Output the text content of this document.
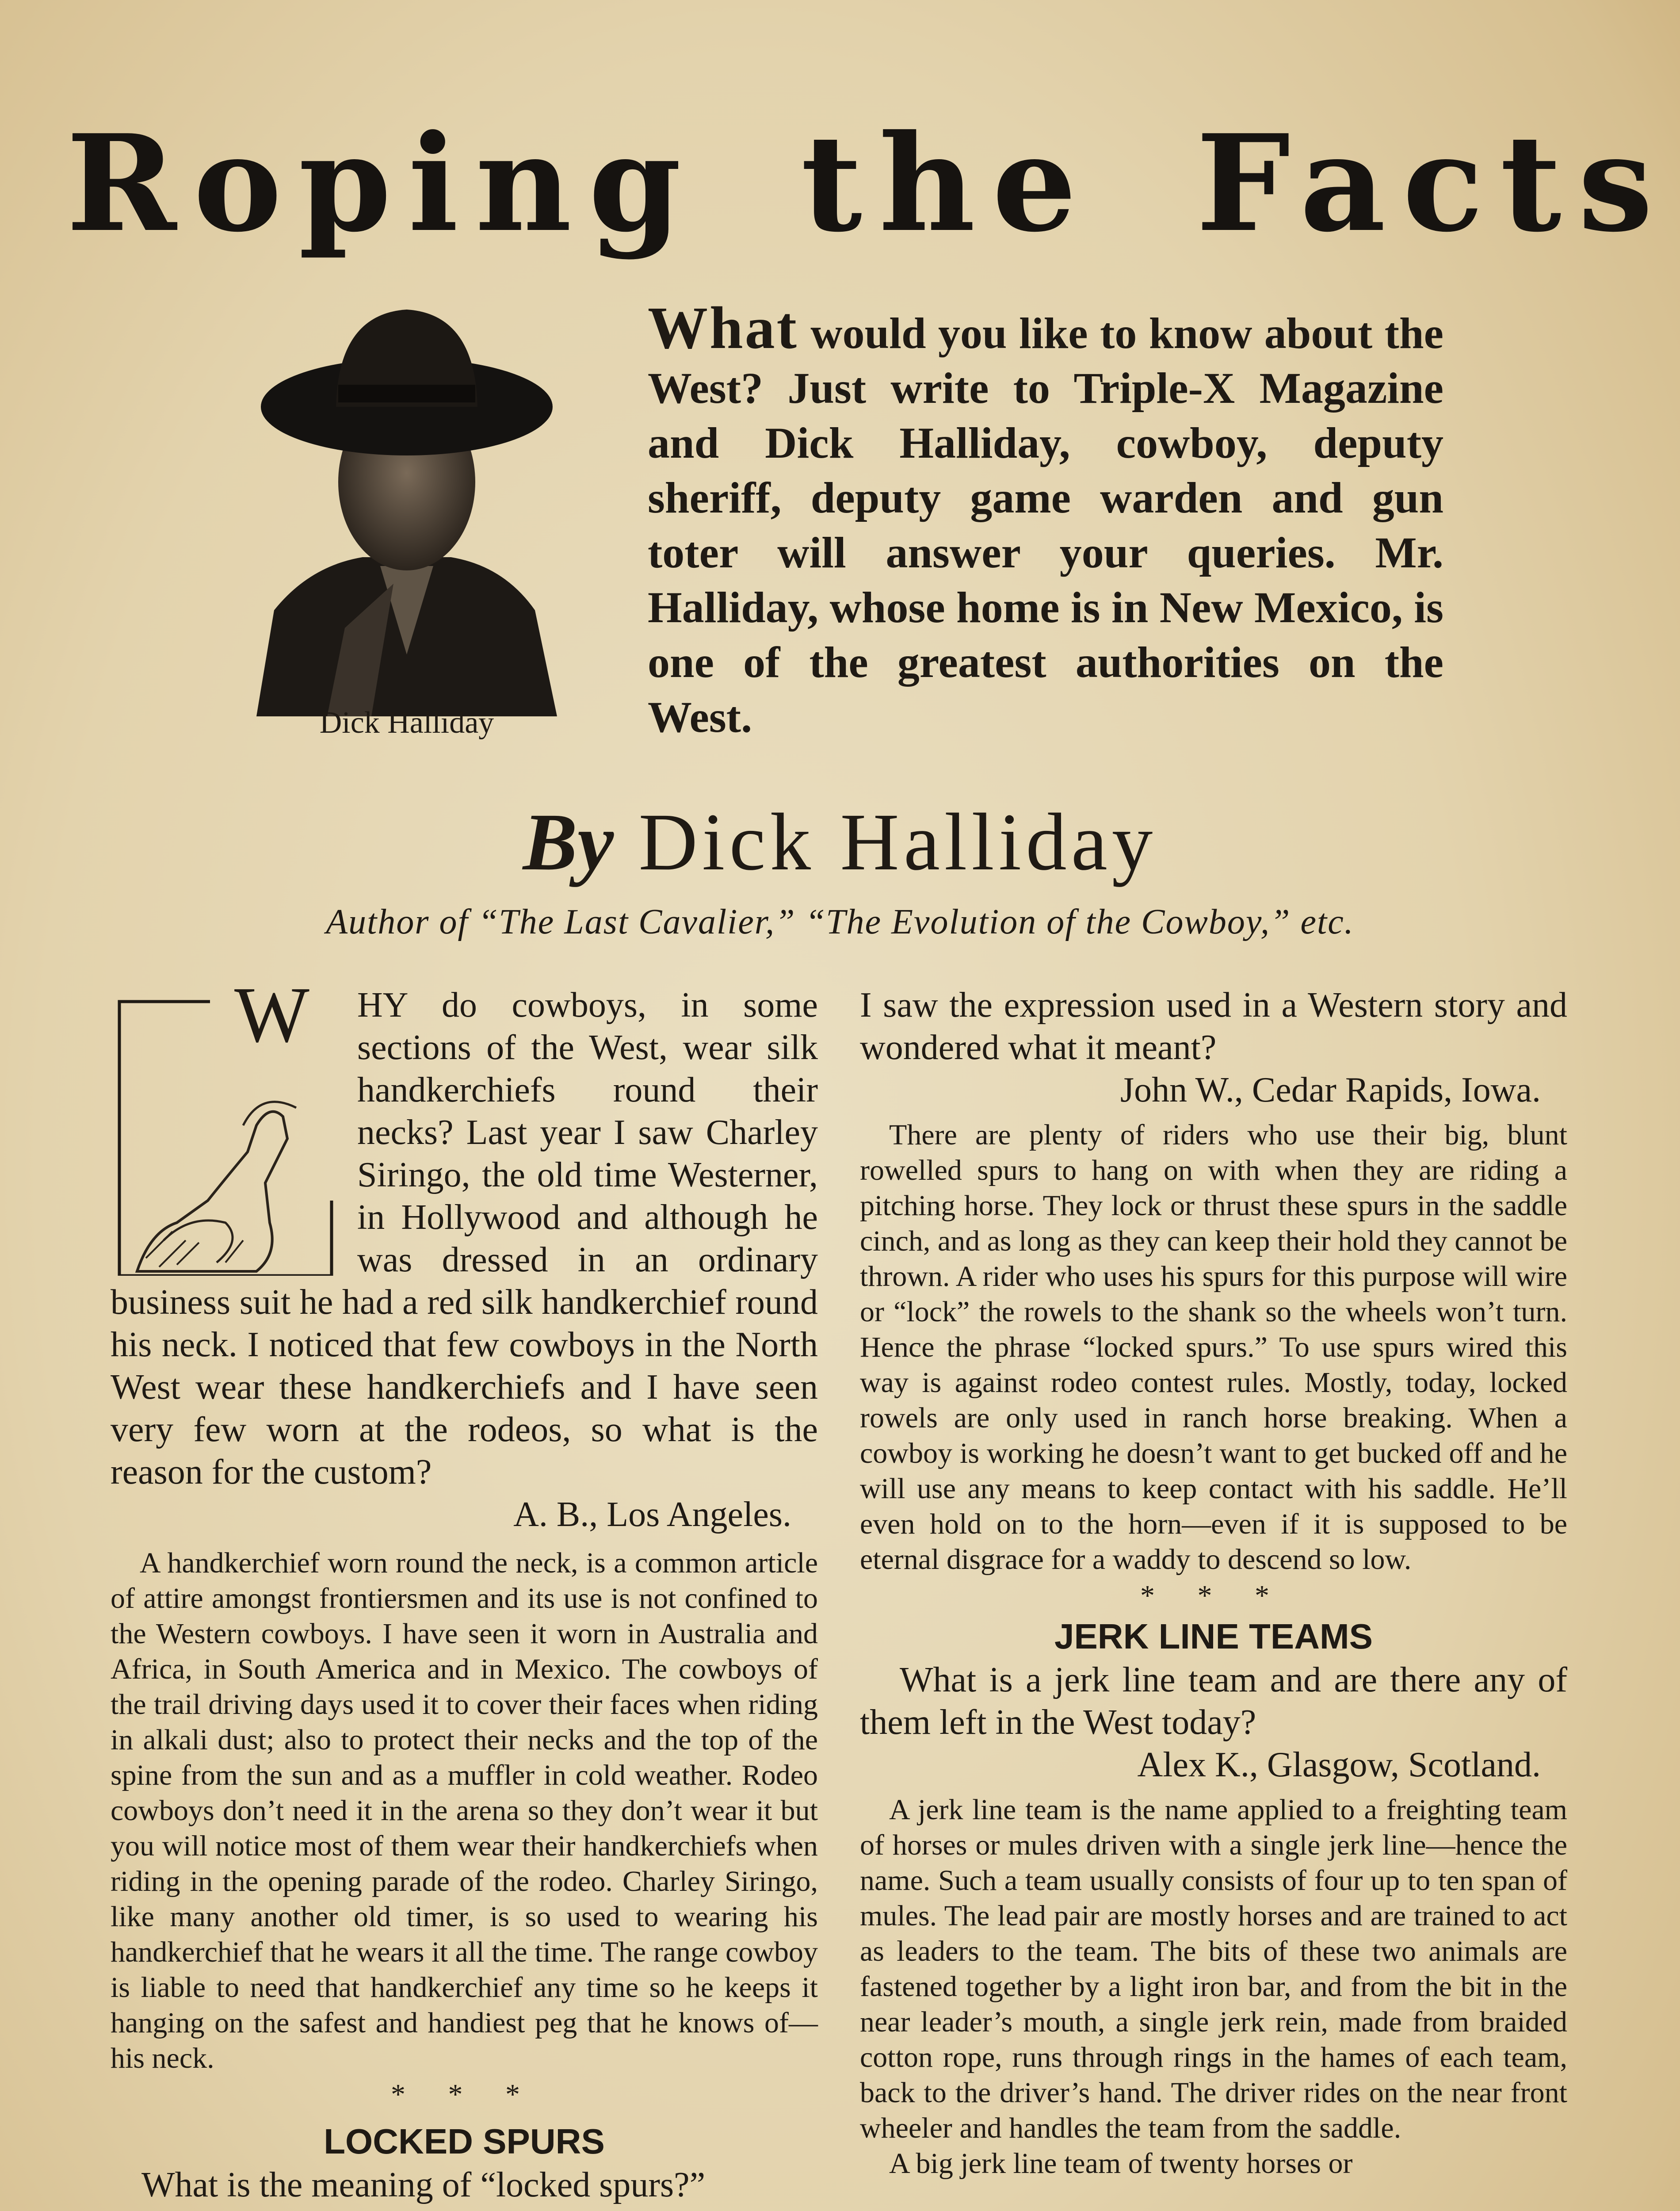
Roping the Facts
Dick Halliday

What would you like to know about the West? Just write to Triple-X Magazine and Dick Halliday, cowboy, deputy sheriff, deputy game warden and gun toter will answer your queries. Mr. Halliday, whose home is in New Mexico, is one of the greatest authorities on the West.

By Dick Halliday

Author of “The Last Cavalier,” “The Evolution of the Cowboy,” etc.

W	HY do cowboys, in some sections of the West, wear silk handkerchiefs round their necks? Last year I saw Charley Siringo, the old time Westerner, in Hollywood and although he was dressed in an ordinary business suit he had a red silk handkerchief round his neck. I noticed that few cowboys in the North West wear these handkerchiefs and I have seen very few worn at the rodeos, so what is the reason for the custom?

A. B., Los Angeles.

A handkerchief worn round the neck, is a common article of attire amongst frontiersmen and its use is not confined to the Western cowboys. I have seen it worn in Australia and Africa, in South America and in Mexico. The cowboys of the trail driving days used it to cover their faces when riding in alkali dust; also to protect their necks and the top of the spine from the sun and as a muffler in cold weather. Rodeo cowboys don’t need it in the arena so they don’t wear it but you will notice most of them wear their handkerchiefs when riding in the opening parade of the rodeo. Charley Siringo, like many another old timer, is so used to wearing his handkerchief that he wears it all the time. The range cowboy is liable to need that handkerchief any time so he keeps it hanging on the safest and handiest peg that he knows of—his neck.

* * *

LOCKED SPURS

What is the meaning of “locked spurs?”

I saw the expression used in a Western story and wondered what it meant?

John W., Cedar Rapids, Iowa.

There are plenty of riders who use their big, blunt rowelled spurs to hang on with when they are riding a pitching horse. They lock or thrust these spurs in the saddle cinch, and as long as they can keep their hold they cannot be thrown. A rider who uses his spurs for this purpose will wire or “lock” the rowels to the shank so the wheels won’t turn. Hence the phrase “locked spurs.” To use spurs wired this way is against rodeo contest rules. Mostly, today, locked rowels are only used in ranch horse breaking. When a cowboy is working he doesn’t want to get bucked off and he will use any means to keep contact with his saddle. He’ll even hold on to the horn—even if it is supposed to be eternal disgrace for a waddy to descend so low.

* * *

JERK LINE TEAMS

What is a jerk line team and are there any of them left in the West today?

Alex K., Glasgow, Scotland.

A jerk line team is the name applied to a freighting team of horses or mules driven with a single jerk line—hence the name. Such a team usually consists of four up to ten span of mules. The lead pair are mostly horses and are trained to act as leaders to the team. The bits of these two animals are fastened together by a light iron bar, and from the bit in the near leader’s mouth, a single jerk rein, made from braided cotton rope, runs through rings in the hames of each team, back to the driver’s hand. The driver rides on the near front wheeler and handles the team from the saddle.

A big jerk line team of twenty horses or
